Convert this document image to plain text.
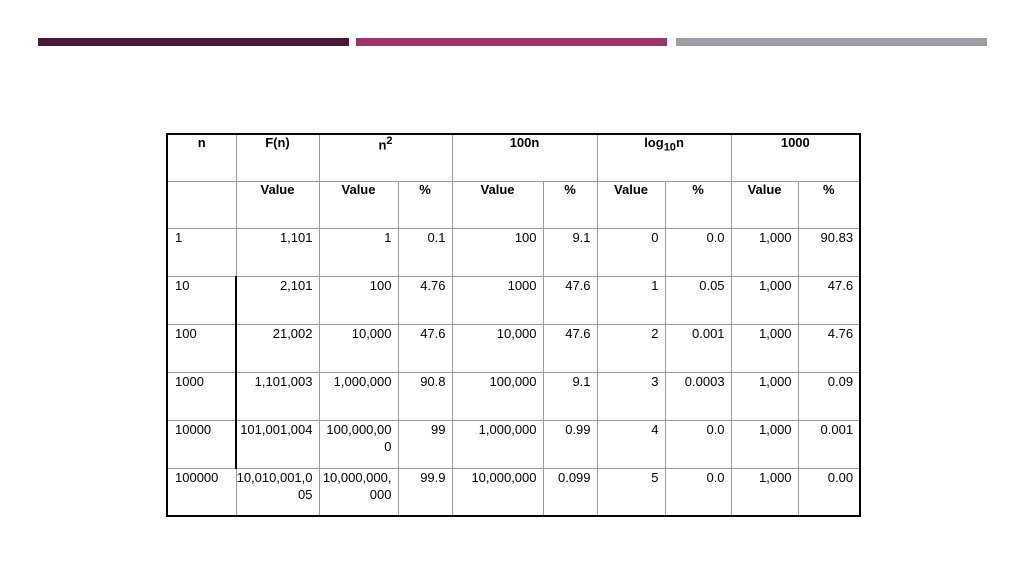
n	F(n)	$n^2$		100n		$\log_{10}n$		1000	
	Value	Value	%	Value	%	Value	%	Value	%

1	1,101	1	0.1	100	9.1	0	0.0	1,000	90.83

10	2,101	100	4.76	1000	47.6	1	0.05	1,000	47.6

100	21,002	10,000	47.6	10,000	47.6	2	0.001	1,000	4.76

1000	1,101,003	1,000,000	90.8	100,000	9.1	3	0.0003	1,000	0.09

10000	101,001,004	100,000,000	99	1,000,000	0.99	4	0.0	1,000	0.001

100000	10,010,001,005	10,000,000,000	99.9	10,000,000	0.099	5	0.0	1,000	0.00
